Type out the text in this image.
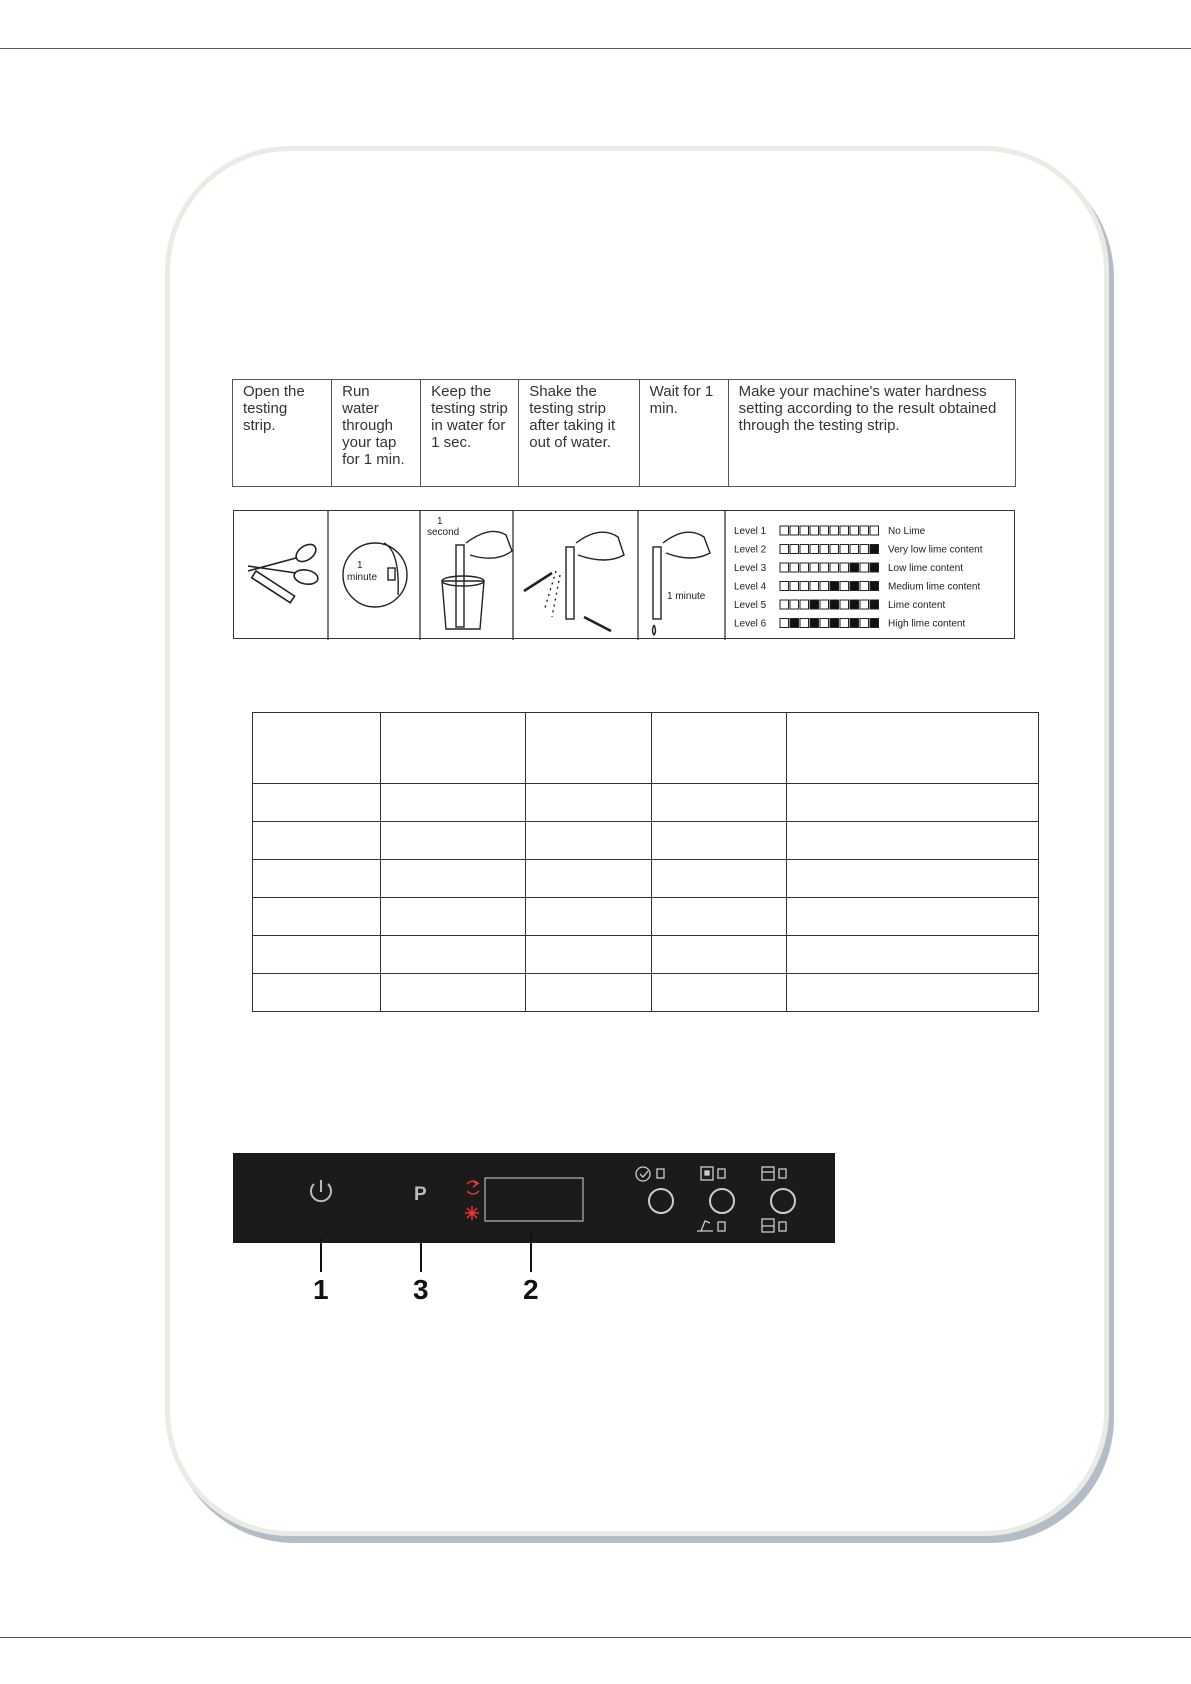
Open the testing strip.	Run water through your tap for 1 min.	Keep the testing strip in water for 1 sec.	Shake the testing strip after taking it out of water.	Wait for 1 min.	Make your machine's water hardness setting according to the result obtained through the testing strip.
1
minute
1
second
1 minute
Level 1	No Lime
Level 2	Very low lime content
Level 3	Low lime content
Level 4	Medium lime content
Level 5	Lime content
Level 6	High lime content

P
1	3	2
